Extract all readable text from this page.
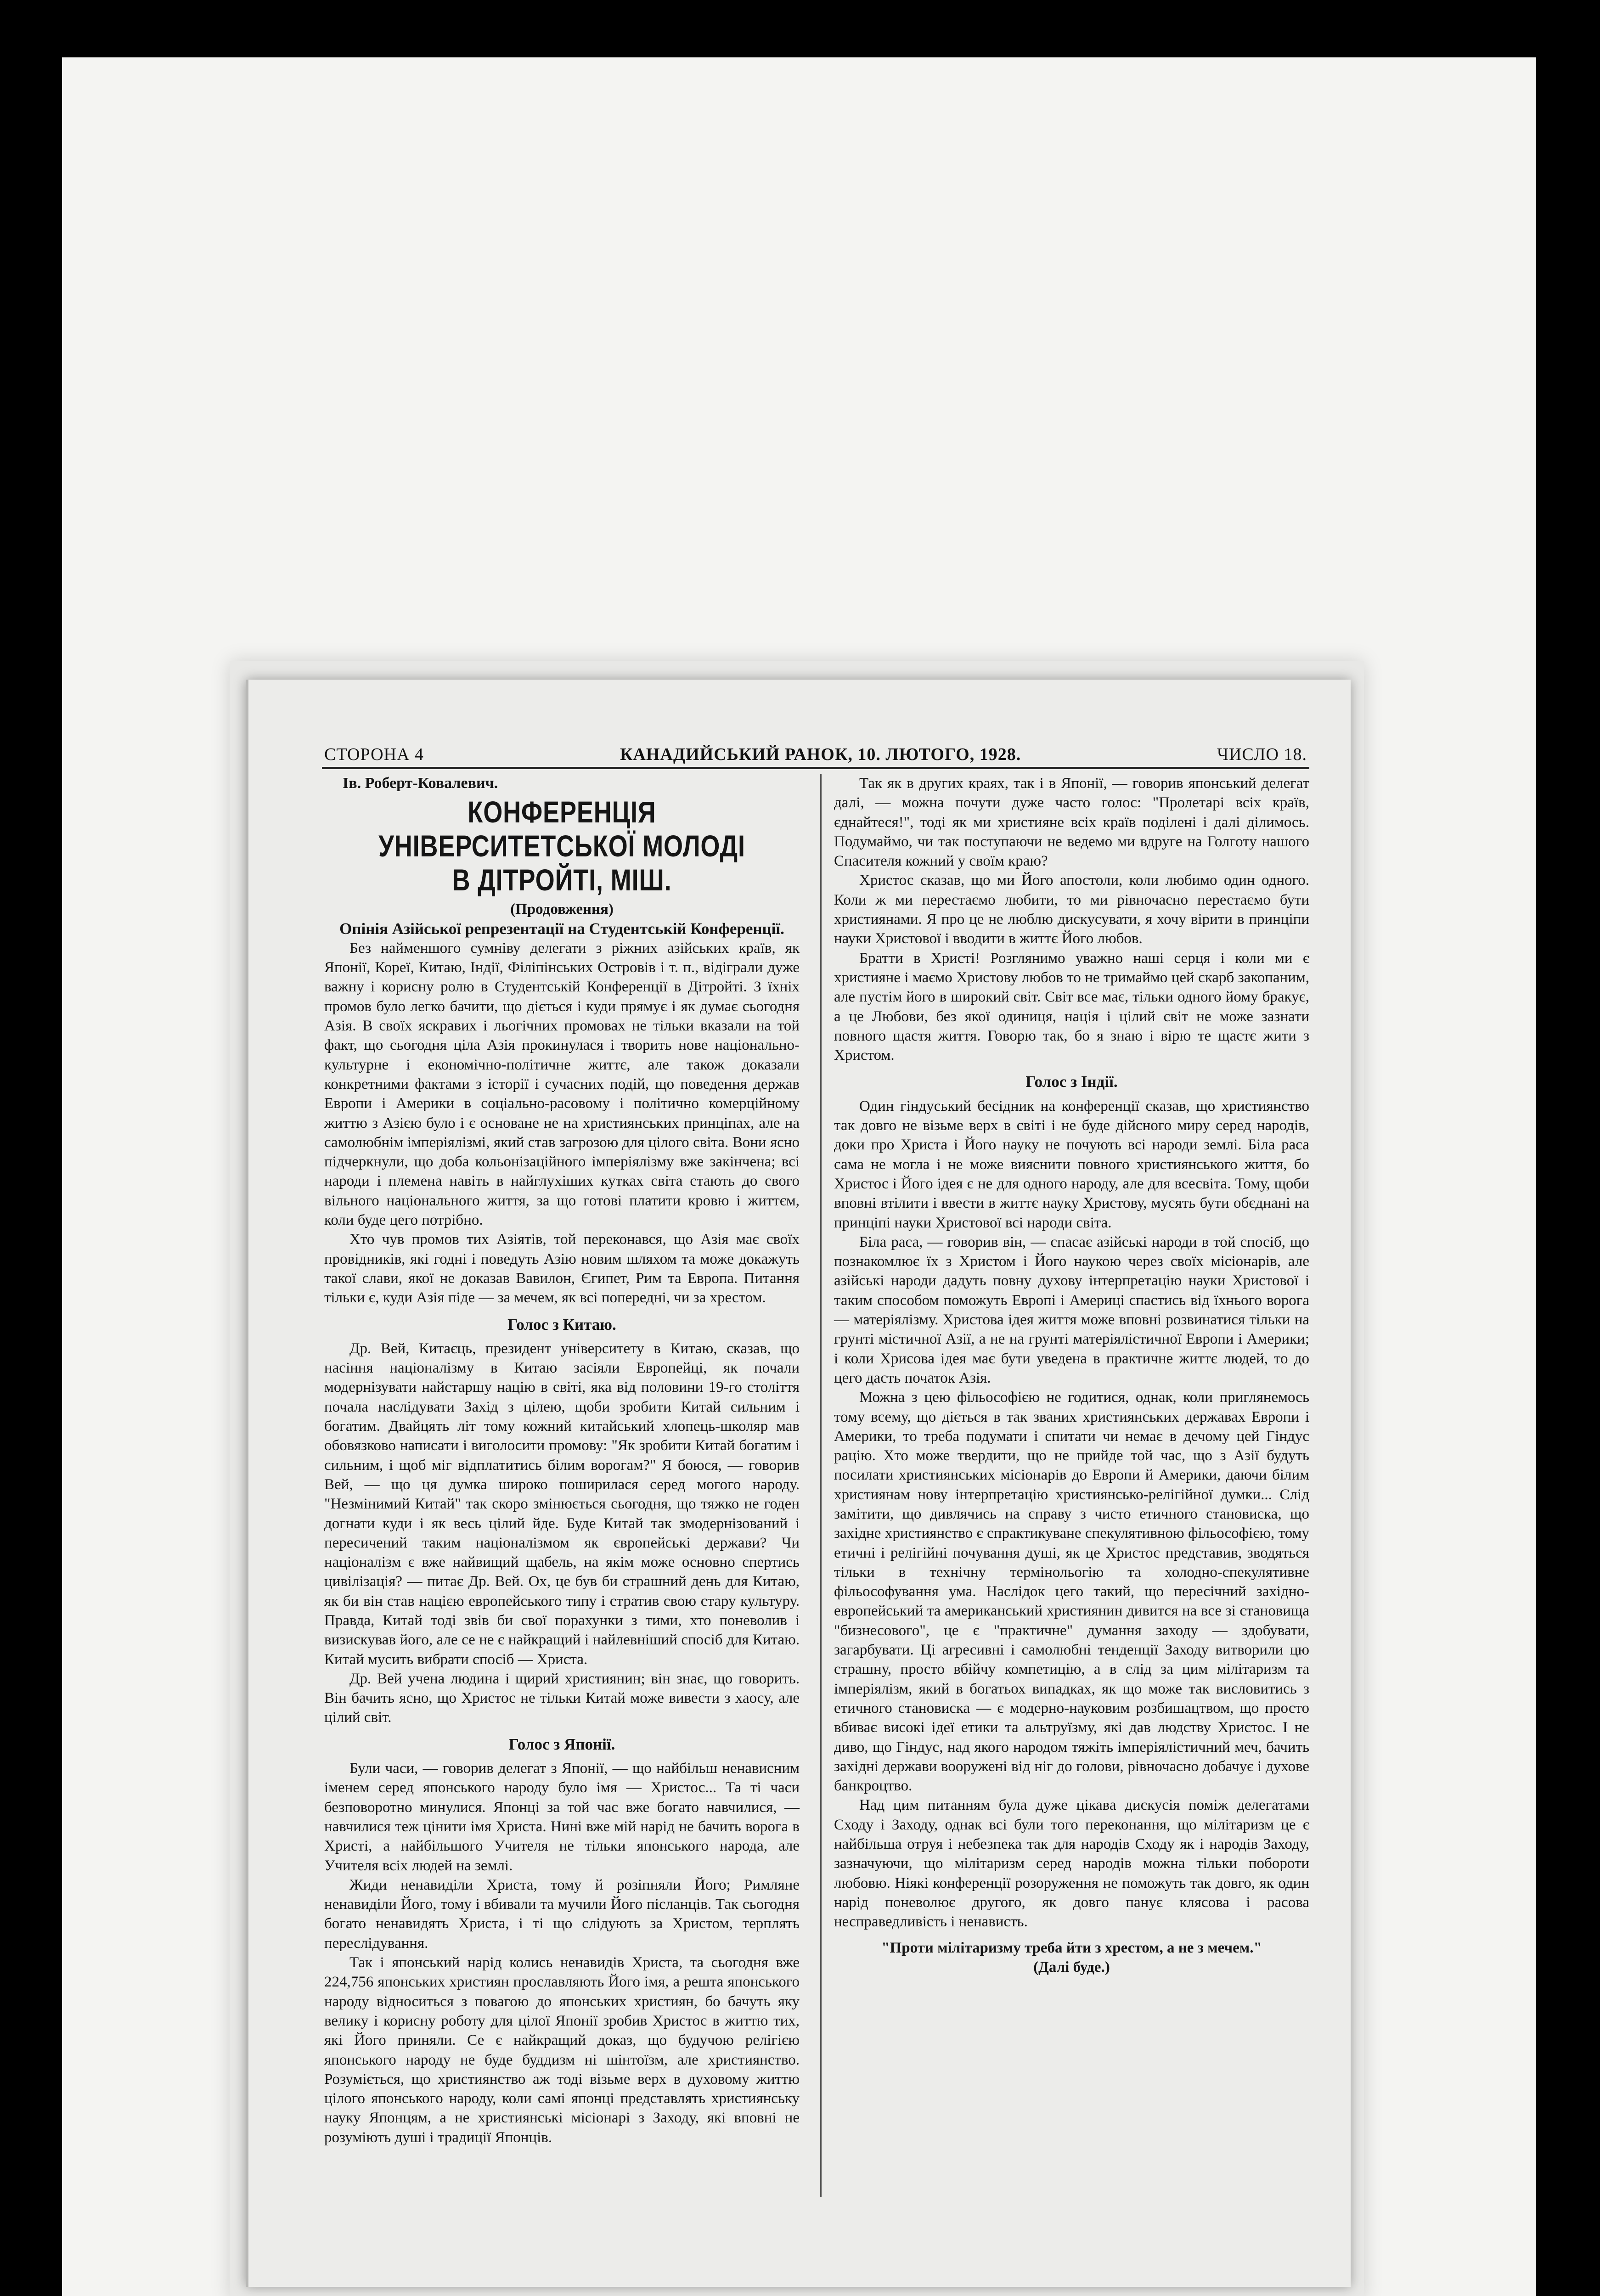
СТОРОНА 4	КАНАДИЙСЬКИЙ РАНОК, 10. ЛЮТОГО, 1928.	ЧИСЛО 18.

Iв. Роберт-Ковалевич.

КОНФЕРЕНЦІЯ УНІВЕРСИТЕТСЬКОЇ МОЛОДІ
В ДІТРОЙТІ, МІШ.

(Продовження)

Опінія Азійської репрезентації на Студентській Конференції.

Без найменшого сумніву делегати з ріжних азійських країв, як Японії, Кореї, Китаю, Індії, Філіпінських Островів і т. п., відіграли дуже важну і корисну ролю в Студентській Конференції в Дітройті. З їхніх промов було легко бачити, що діється і куди прямує і як думає сьогодня Азія. В своїх яскравих і льогічних промовах не тільки вказали на той факт, що сьогодня ціла Азія прокинулася і творить нове національно-культурне і економічно-політичне життє, але також доказали конкретними фактами з історії і сучасних подій, що поведення держав Европи і Америки в соціально-расовому і політично комерційному життю з Азією було і є основане не на християнських принціпах, але на самолюбнім імперіялізмі, який став загрозою для цілого світа. Вони ясно підчеркнули, що добa кольонізаційного імперіялізму вже закінчена; всі народи і племена навіть в найглухіших кутках світа стають до свого вільного національного життя, за що готові платити кровю і життєм, коли буде цего потрібно.

Хто чув промов тих Азіятів, той переконався, що Азія має своїх провідників, які годні і поведуть Азію новим шляхом та може докажуть такої слави, якої не доказав Вавилон, Єгипет, Рим та Европа. Питання тільки є, куди Азія піде — за мечем, як всі попередні, чи за хрестом.

Голос з Китаю.

Др. Вей, Китаєць, президент університету в Китаю, сказав, що насіння націоналізму в Китаю засіяли Европейці, як почали модернізувати найстаршу націю в світі, яка від половини 19-го століття почала наслідувати Захід з цілею, щоби зробити Китай сильним і богатим. Двайцять літ тому кожний китайський хлопець-школяр мав обовязково написати і виголосити промову: "Як зробити Китай богатим і сильним, і щоб міг відплатитись білим ворогам?" Я боюся, — говорив Вей, — що ця думка широко поширилася серед могого народу. "Незмінимий Китай" так скоро змінюється сьогодня, що тяжко не годен догнати куди і як весь цілий йде. Буде Китай так змодернізований і пересичений таким націоналізмом як європейські держави? Чи націоналізм є вже найвищий щабель, на якім може основно спертись цивілізація? — питає Др. Вей. Ох, це був би страшний день для Китаю, як би він став нацією европейського типу і стратив свою стару культуру. Правда, Китай тоді звів би свої порахунки з тими, хто поневолив і визискував його, але се не є найкращий і найлевніший спосіб для Китаю. Китай мусить вибрати спосіб — Христа.

Др. Вей учена людина і щирий християнин; він знає, що говорить. Він бачить ясно, що Христос не тільки Китай може вивести з хаосу, але цілий світ.

Голос з Японії.

Були часи, — говорив делегат з Японії, — що найбільш ненависним іменем серед японського народу було імя — Христос... Та ті часи безповоротно минулися. Японці за той час вже богато навчилися, — навчилися теж цінити імя Христа. Нині вже мій нарід не бачить ворога в Христі, а найбільшого Учителя не тільки японського народа, але Учителя всіх людей на землі.

Жиди ненавиділи Христа, тому й розіпняли Його; Римляне ненавиділи Його, тому і вбивали та мучили Його післанців. Так сьогодня богато ненавидять Христа, і ті що слідують за Христом, терплять переслідування.

Так і японський нарід колись ненавидів Христа, та сьогодня вже 224,756 японських християн прославляють Його імя, а решта японського народу відноситься з повагою до японських християн, бо бачуть яку велику і корисну роботу для цілої Японії зробив Христос в життю тих, які Його приняли. Се є найкращий доказ, що будучою релігією японського народу не буде буддизм ні шінтоїзм, але християнство. Розуміється, що християнство аж тоді візьме верх в духовому життю цілого японського народу, коли самі японці представлять християнську науку Японцям, а не християнські місіонарі з Заходу, які вповні не розуміють душі і традиції Японців.

Так як в других краях, так і в Японії, — говорив японський делегат далі, — можна почути дуже часто голос: "Пролетарі всіх країв, єднайтеся!", тоді як ми християне всіх країв поділені і далі ділимось. Подумаймо, чи так поступаючи не ведемо ми вдруге на Голготу нашого Спасителя кожний у своїм краю?

Христос сказав, що ми Його апостоли, коли любимо один одного. Коли ж ми перестаємо любити, то ми рівночасно перестаємо бути християнами. Я про це не люблю дискусувати, я хочу вірити в принціпи науки Христової і вводити в життє Його любов.

Братти в Христі! Розглянимо уважно наші серця і коли ми є християне і маємо Христову любов то не тримаймо цей скарб закопаним, але пустім його в широкий світ. Світ все має, тільки одного йому бракує, а це Любови, без якої одиниця, нація і цілий світ не може зазнати повного щастя життя. Говорю так, бо я знаю і вірю те щастє жити з Христом.

Голос з Індії.

Один гіндуський бесідник на конференції сказав, що християнство так довго не візьме верх в світі і не буде дійсного миру серед народів, доки про Христа і Його науку не почують всі народи землі. Біла раса сама не могла і не може вияснити повного християнського життя, бо Христос і Його ідея є не для одного народу, але для всесвіта. Тому, щоби вповні втілити і ввести в життє науку Христову, мусять бути обєднані на принціпі науки Христової всі народи світа.

Біла раса, — говорив він, — спасає азійські народи в той спосіб, що познакомлює їх з Христом і Його наукою через своїх місіонарів, але азійські народи дадуть повну духову інтерпретацію науки Христової і таким способом поможуть Европі і Америці спастись від їхнього ворога — матеріялізму. Христова ідея життя може вповні розвинатися тільки на грунті містичної Азії, а не на грунті матеріялістичної Европи і Америки; і коли Хрисова ідея має бути уведена в практичне життє людей, то до цего дасть початок Азія.

Можна з цею фільософією не годитися, однак, коли приглянемось тому всему, що діється в так званих християнських державах Европи і Америки, то треба подумати і спитати чи немає в дечому цей Гіндус рацію. Хто може твердити, що не прийде той час, що з Азії будуть посилати християнських місіонарів до Европи й Америки, даючи білим християнам нову інтерпретацію християнсько-релігійної думки... Слід замітити, що дивлячись на справу з чисто етичного становиска, що західне християнство є спрактикуване спекулятивною фільософією, тому етичні і релігійні почування душі, як це Христос представив, зводяться тільки в технічну термінольогію та холодно-спекулятивне фільософування ума. Наслідок цего такий, що пересічний західно-европейський та американський християнин дивится на все зі становища "бизнесового", це є "практичне" думання заходу — здобувати, загарбувати. Ці агресивні і самолюбні тенденції Заходу витворили цю страшну, просто вбійчу компетицію, а в слід за цим мілітаризм та імперіялізм, який в богатьох випадках, як що може так висловитись з етичного становиска — є модерно-науковим розбишацтвом, що просто вбиває високі ідеї етики та альтруїзму, які дав людству Христос. І не диво, що Гіндус, над якого народом тяжіть імперіялістичний меч, бачить західні держави вооружені від ніг до голови, рівночасно добачує і духове банкроцтво.

Над цим питанням була дуже цікава дискусія поміж делегатами Сходу і Заходу, однак всі були того переконання, що мілітаризм це є найбільша отруя і небезпека так для народів Сходу як і народів Заходу, зазначуючи, що мілітаризм серед народів можна тільки побороти любовю. Ніякі конференції розоруження не поможуть так довго, як один нарід поневолює другого, як довго панує клясова і расова несправедливість і ненависть.

"Проти мілітаризму треба йти з хрестом, а не з мечем."

(Далі буде.)
